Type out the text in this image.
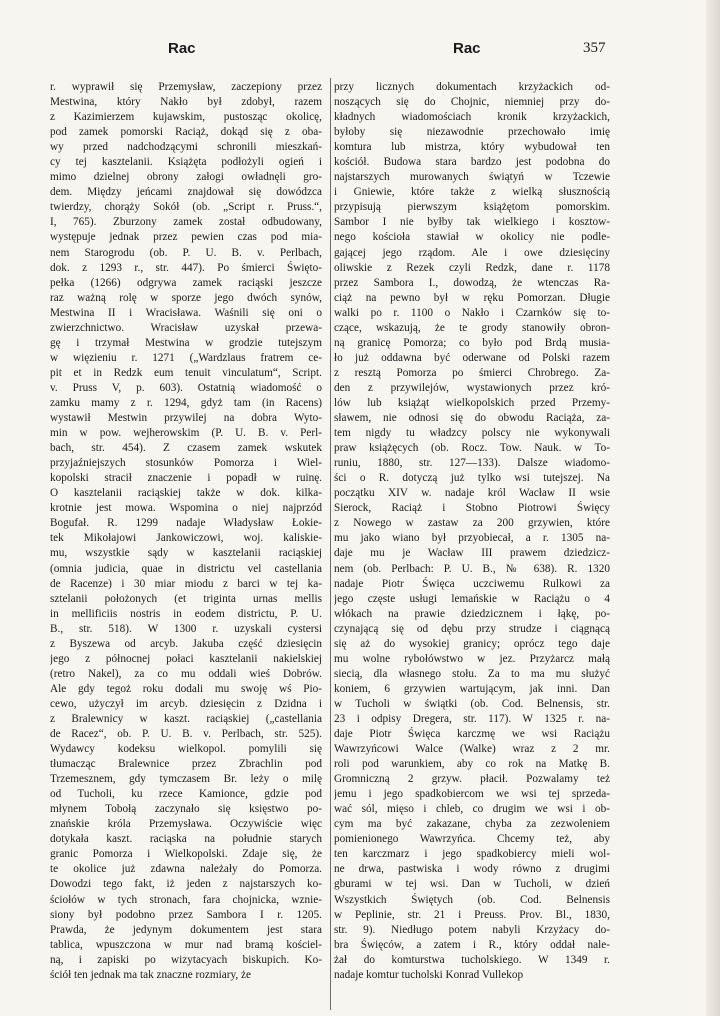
Rac	Rac	357
r. wyprawił się Przemysław, zaczepiony przez
Mestwina, który Nakło był zdobył, razem
z Kazimierzem kujawskim, pustosząc okolicę,
pod zamek pomorski Raciąż, dokąd się z oba-
wy przed nadchodzącymi schronili mieszkań-
cy tej kasztelanii. Książęta podłożyli ogień i
mimo dzielnej obrony załogi owładnęli gro-
dem. Między jeńcami znajdował się dowódzca
twierdzy, chorąży Sokół (ob. „Script r. Pruss.“,
I, 765). Zburzony zamek został odbudowany,
występuje jednak przez pewien czas pod mia-
nem Starogrodu (ob. P. U. B. v. Perlbach,
dok. z 1293 r., str. 447). Po śmierci Święto-
pełka (1266) odgrywa zamek raciąski jeszcze
raz ważną rolę w sporze jego dwóch synów,
Mestwina II i Wracisława. Waśnili się oni o
zwierzchnictwo. Wracisław uzyskał przewa-
gę i trzymał Mestwina w grodzie tutejszym
w więzieniu r. 1271 („Wardzlaus fratrem ce-
pit et in Redzk eum tenuit vinculatum“, Script.
v. Pruss V, p. 603). Ostatnią wiadomość o
zamku mamy z r. 1294, gdyż tam (in Racens)
wystawił Mestwin przywilej na dobra Wyto-
min w pow. wejherowskim (P. U. B. v. Perl-
bach, str. 454). Z czasem zamek wskutek
przyjaźniejszych stosunków Pomorza i Wiel-
kopolski stracił znaczenie i popadł w ruinę.
O kasztelanii raciąskiej także w dok. kilka-
krotnie jest mowa. Wspomina o niej najprzód
Bogufał. R. 1299 nadaje Władysław Łokie-
tek Mikołajowi Jankowiczowi, woj. kaliskie-
mu, wszystkie sądy w kasztelanii raciąskiej
(omnia judicia, quae in districtu vel castellania
de Racenze) i 30 miar miodu z barci w tej ka-
sztelanii położonych (et triginta urnas mellis
in mellificiis nostris in eodem districtu, P. U.
B., str. 518). W 1300 r. uzyskali cystersi
z Byszewa od arcyb. Jakuba część dziesięcin
jego z północnej połaci kasztelanii nakielskiej
(retro Nakel), za co mu oddali wieś Dobrów.
Ale gdy tegoż roku dodali mu swoję wś Pio-
cewo, użyczył im arcyb. dziesięcin z Dzidna i
z Bralewnicy w kaszt. raciąskiej („castellania
de Racez“, ob. P. U. B. v. Perlbach, str. 525).
Wydawcy kodeksu wielkopol. pomylili się
tłumacząc Bralewnice przez Zbrachlin pod
Trzemesznem, gdy tymczasem Br. leży o milę
od Tucholi, ku rzece Kamionce, gdzie pod
młynem Tobołą zaczynało się księstwo po-
znańskie króla Przemysława. Oczywiście więc
dotykała kaszt. raciąska na południe starych
granic Pomorza i Wielkopolski. Zdaje się, że
te okolice już zdawna należały do Pomorza.
Dowodzi tego fakt, iż jeden z najstarszych ko-
ściołów w tych stronach, fara chojnicka, wznie-
siony był podobno przez Sambora I r. 1205.
Prawda, że jedynym dokumentem jest stara
tablica, wpuszczona w mur nad bramą kościel-
ną, i zapiski po wizytacyach biskupich. Ko-
ściół ten jednak ma tak znaczne rozmiary, że
przy licznych dokumentach krzyżackich od-
noszących się do Chojnic, niemniej przy do-
kładnych wiadomościach kronik krzyżackich,
byłoby się niezawodnie przechowało imię
komtura lub mistrza, który wybudował ten
kościół. Budowa stara bardzo jest podobna do
najstarszych murowanych świątyń w Tczewie
i Gniewie, które także z wielką słusznością
przypisują pierwszym książętom pomorskim.
Sambor I nie byłby tak wielkiego i kosztow-
nego kościoła stawiał w okolicy nie podle-
gającej jego rządom. Ale i owe dziesięciny
oliwskie z Rezek czyli Redzk, dane r. 1178
przez Sambora I., dowodzą, że wtenczas Ra-
ciąż na pewno był w ręku Pomorzan. Długie
walki po r. 1100 o Nakło i Czarnków się to-
czące, wskazują, że te grody stanowiły obron-
ną granicę Pomorza; co było pod Brdą musia-
ło już oddawna być oderwane od Polski razem
z resztą Pomorza po śmierci Chrobrego. Za-
den z przywilejów, wystawionych przez kró-
lów lub książąt wielkopolskich przed Przemy-
sławem, nie odnosi się do obwodu Raciąża, za-
tem nigdy tu władzcy polscy nie wykonywali
praw książęcych (ob. Rocz. Tow. Nauk. w To-
runiu, 1880, str. 127—133). Dalsze wiadomo-
ści o R. dotyczą już tylko wsi tutejszej. Na
początku XIV w. nadaje król Wacław II wsie
Sierock, Raciąż i Stobno Piotrowi Święcy
z Nowego w zastaw za 200 grzywien, które
mu jako wiano był przyobiecał, a r. 1305 na-
daje mu je Wacław III prawem dziedzicz-
nem (ob. Perlbach: P. U. B., № 638). R. 1320
nadaje Piotr Święca uczciwemu Rulkowi za
jego częste usługi lemańskie w Raciążu o 4
włókach na prawie dziedzicznem i łąkę, po-
czynającą się od dębu przy strudze i ciągnącą
się aż do wysokiej granicy; oprócz tego daje
mu wolne rybołówstwo w jez. Przyżarcz małą
siecią, dla własnego stołu. Za to ma mu służyć
koniem, 6 grzywien wartującym, jak inni. Dan
w Tucholi w świątki (ob. Cod. Belnensis, str.
23 i odpisy Dregera, str. 117). W 1325 r. na-
daje Piotr Święca karczmę we wsi Raciążu
Wawrzyńcowi Walce (Walke) wraz z 2 mr.
roli pod warunkiem, aby co rok na Matkę B.
Gromniczną 2 grzyw. płacił. Pozwalamy też
jemu i jego spadkobiercom we wsi tej sprzeda-
wać sól, mięso i chleb, co drugim we wsi i ob-
cym ma być zakazane, chyba za zezwoleniem
pomienionego Wawrzyńca. Chcemy też, aby
ten karczmarz i jego spadkobiercy mieli wol-
ne drwa, pastwiska i wody równo z drugimi
gburami w tej wsi. Dan w Tucholi, w dzień
Wszystkich Świętych (ob. Cod. Belnensis
w Peplinie, str. 21 i Preuss. Prov. Bl., 1830,
str. 9). Niedługo potem nabyli Krzyżacy do-
bra Święców, a zatem i R., który oddał nale-
żał do komturstwa tucholskiego. W 1349 r.
nadaje komtur tucholski Konrad Vullekop
